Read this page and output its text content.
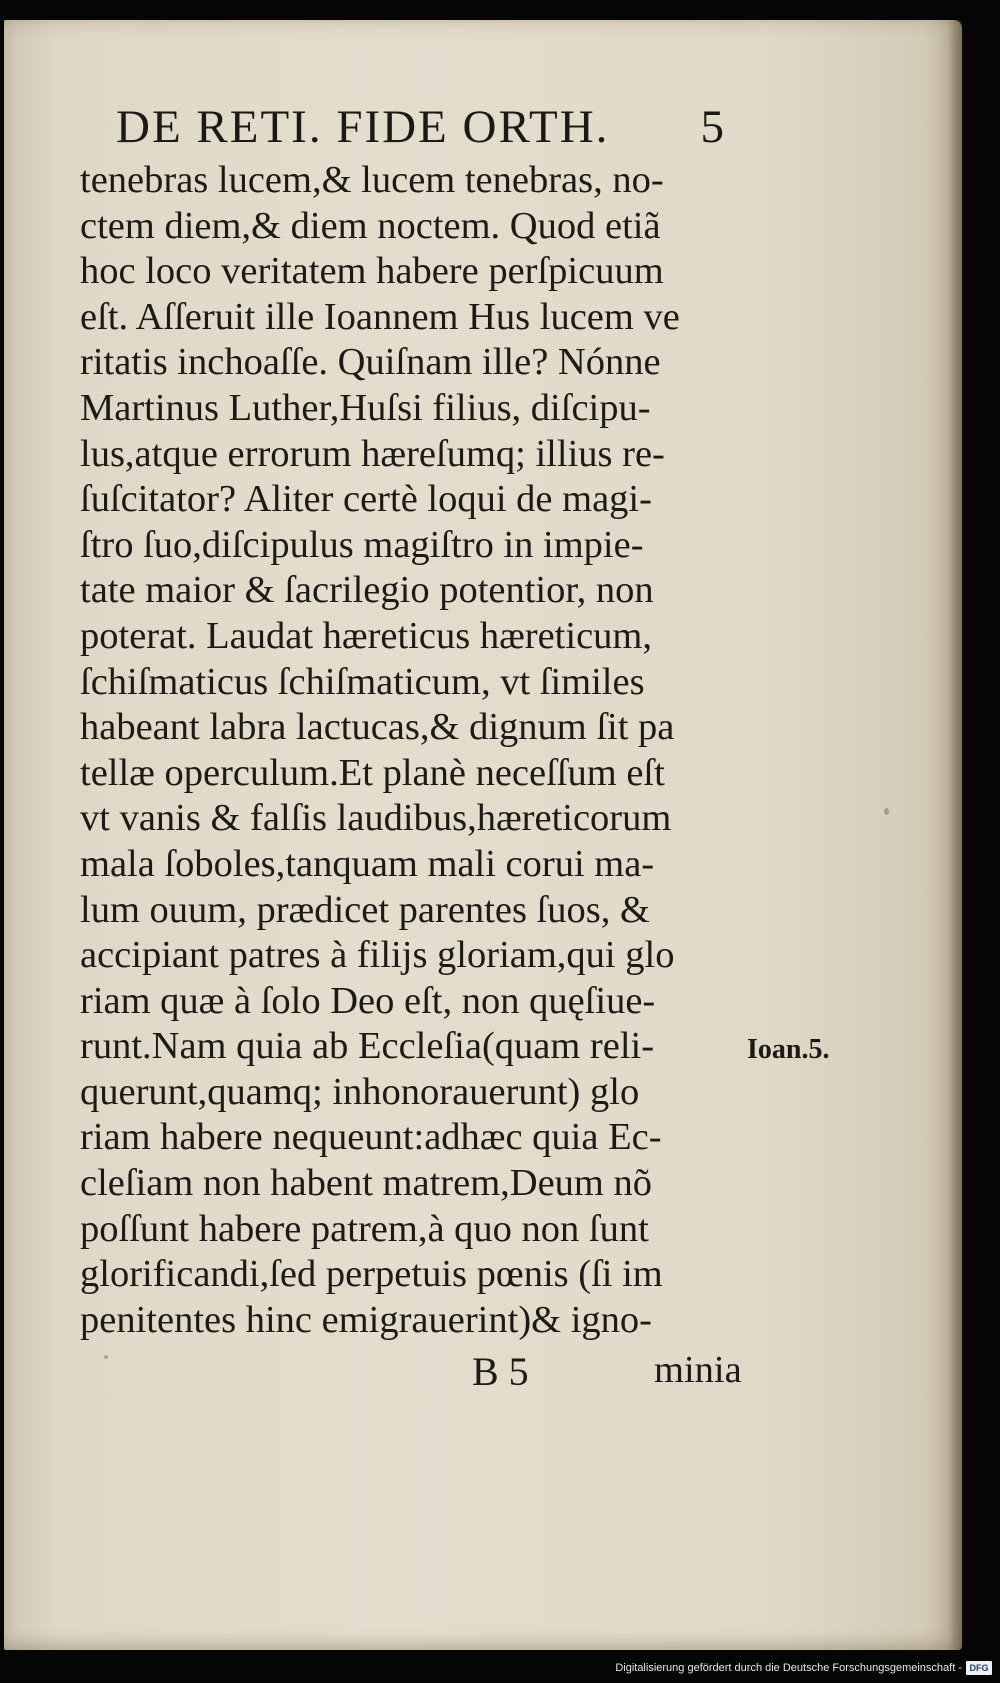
DE RETI. FIDE ORTH. 5
tenebras lucem,& lucem tenebras, no-
ctem diem,& diem noctem. Quod etiã
hoc loco veritatem habere perſpicuum
eſt. Aſſeruit ille Ioannem Hus lucem ve
ritatis inchoaſſe. Quiſnam ille? Nónne
Martinus Luther,Huſsi filius, diſcipu-
lus,atque errorum hæreſumq; illius re-
ſuſcitator? Aliter certè loqui de magi-
ſtro ſuo,diſcipulus magiſtro in impie-
tate maior & ſacrilegio potentior, non
poterat. Laudat hæreticus hæreticum,
ſchiſmaticus ſchiſmaticum, vt ſimiles
habeant labra lactucas,& dignum ſit pa
tellæ operculum.Et planè neceſſum eſt
vt vanis & falſis laudibus,hæreticorum
mala ſoboles,tanquam mali corui ma-
lum ouum, prædicet parentes ſuos, &
accipiant patres à filijs gloriam,qui glo
riam quæ à ſolo Deo eſt, non quęſiue-
runt.Nam quia ab Eccleſia(quam reli-
querunt,quamq; inhonorauerunt) glo
riam habere nequeunt:adhæc quia Ec-
cleſiam non habent matrem,Deum nõ
poſſunt habere patrem,à quo non ſunt
glorificandi,ſed perpetuis pœnis (ſi im
penitentes hinc emigrauerint)& igno-
Ioan.5.
B 5	minia
Digitalisierung gefördert durch die Deutsche Forschungsgemeinschaft - DFG
